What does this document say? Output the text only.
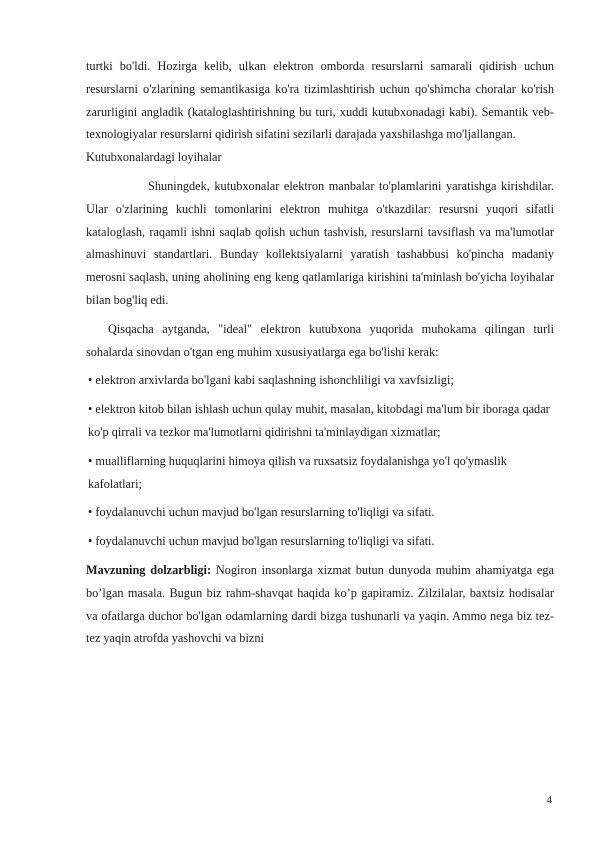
turtki bo'ldi. Hozirga kelib, ulkan elektron omborda resurslarni samarali qidirish uchun resurslarni o'zlarining semantikasiga ko'ra tizimlashtirish uchun qo'shimcha choralar ko'rish zarurligini angladik (kataloglashtirishning bu turi, xuddi kutubxonadagi kabi). Semantik veb-texnologiyalar resurslarni qidirish sifatini sezilarli darajada yaxshilashga mo'ljallangan.

Kutubxonalardagi loyihalar

Shuningdek, kutubxonalar elektron manbalar to'plamlarini yaratishga kirishdilar. Ular o'zlarining kuchli tomonlarini elektron muhitga o'tkazdilar: resursni yuqori sifatli kataloglash, raqamli ishni saqlab qolish uchun tashvish, resurslarni tavsiflash va ma'lumotlar almashinuvi standartlari. Bunday kollektsiyalarni yaratish tashabbusi ko'pincha madaniy merosni saqlash, uning aholining eng keng qatlamlariga kirishini ta'minlash bo'yicha loyihalar bilan bog'liq edi.

Qisqacha aytganda, "ideal" elektron kutubxona yuqorida muhokama qilingan turli sohalarda sinovdan o'tgan eng muhim xususiyatlarga ega bo'lishi kerak:

• elektron arxivlarda bo'lgani kabi saqlashning ishonchliligi va xavfsizligi;

• elektron kitob bilan ishlash uchun qulay muhit, masalan, kitobdagi ma'lum bir iboraga qadar ko'p qirrali va tezkor ma'lumotlarni qidirishni ta'minlaydigan xizmatlar;

• mualliflarning huquqlarini himoya qilish va ruxsatsiz foydalanishga yo'l qo'ymaslik kafolatlari;

• foydalanuvchi uchun mavjud bo'lgan resurslarning to'liqligi va sifati.

• foydalanuvchi uchun mavjud bo'lgan resurslarning to'liqligi va sifati.

Mavzuning dolzarbligi: Nogiron insonlarga xizmat butun dunyoda muhim ahamiyatga ega bo’lgan masala. Bugun biz rahm-shavqat haqida ko’p gapiramiz. Zilzilalar, baxtsiz hodisalar va ofatlarga duchor bo'lgan odamlarning dardi bizga tushunarli va yaqin. Ammo nega biz tez-tez yaqin atrofda yashovchi va bizni

4
